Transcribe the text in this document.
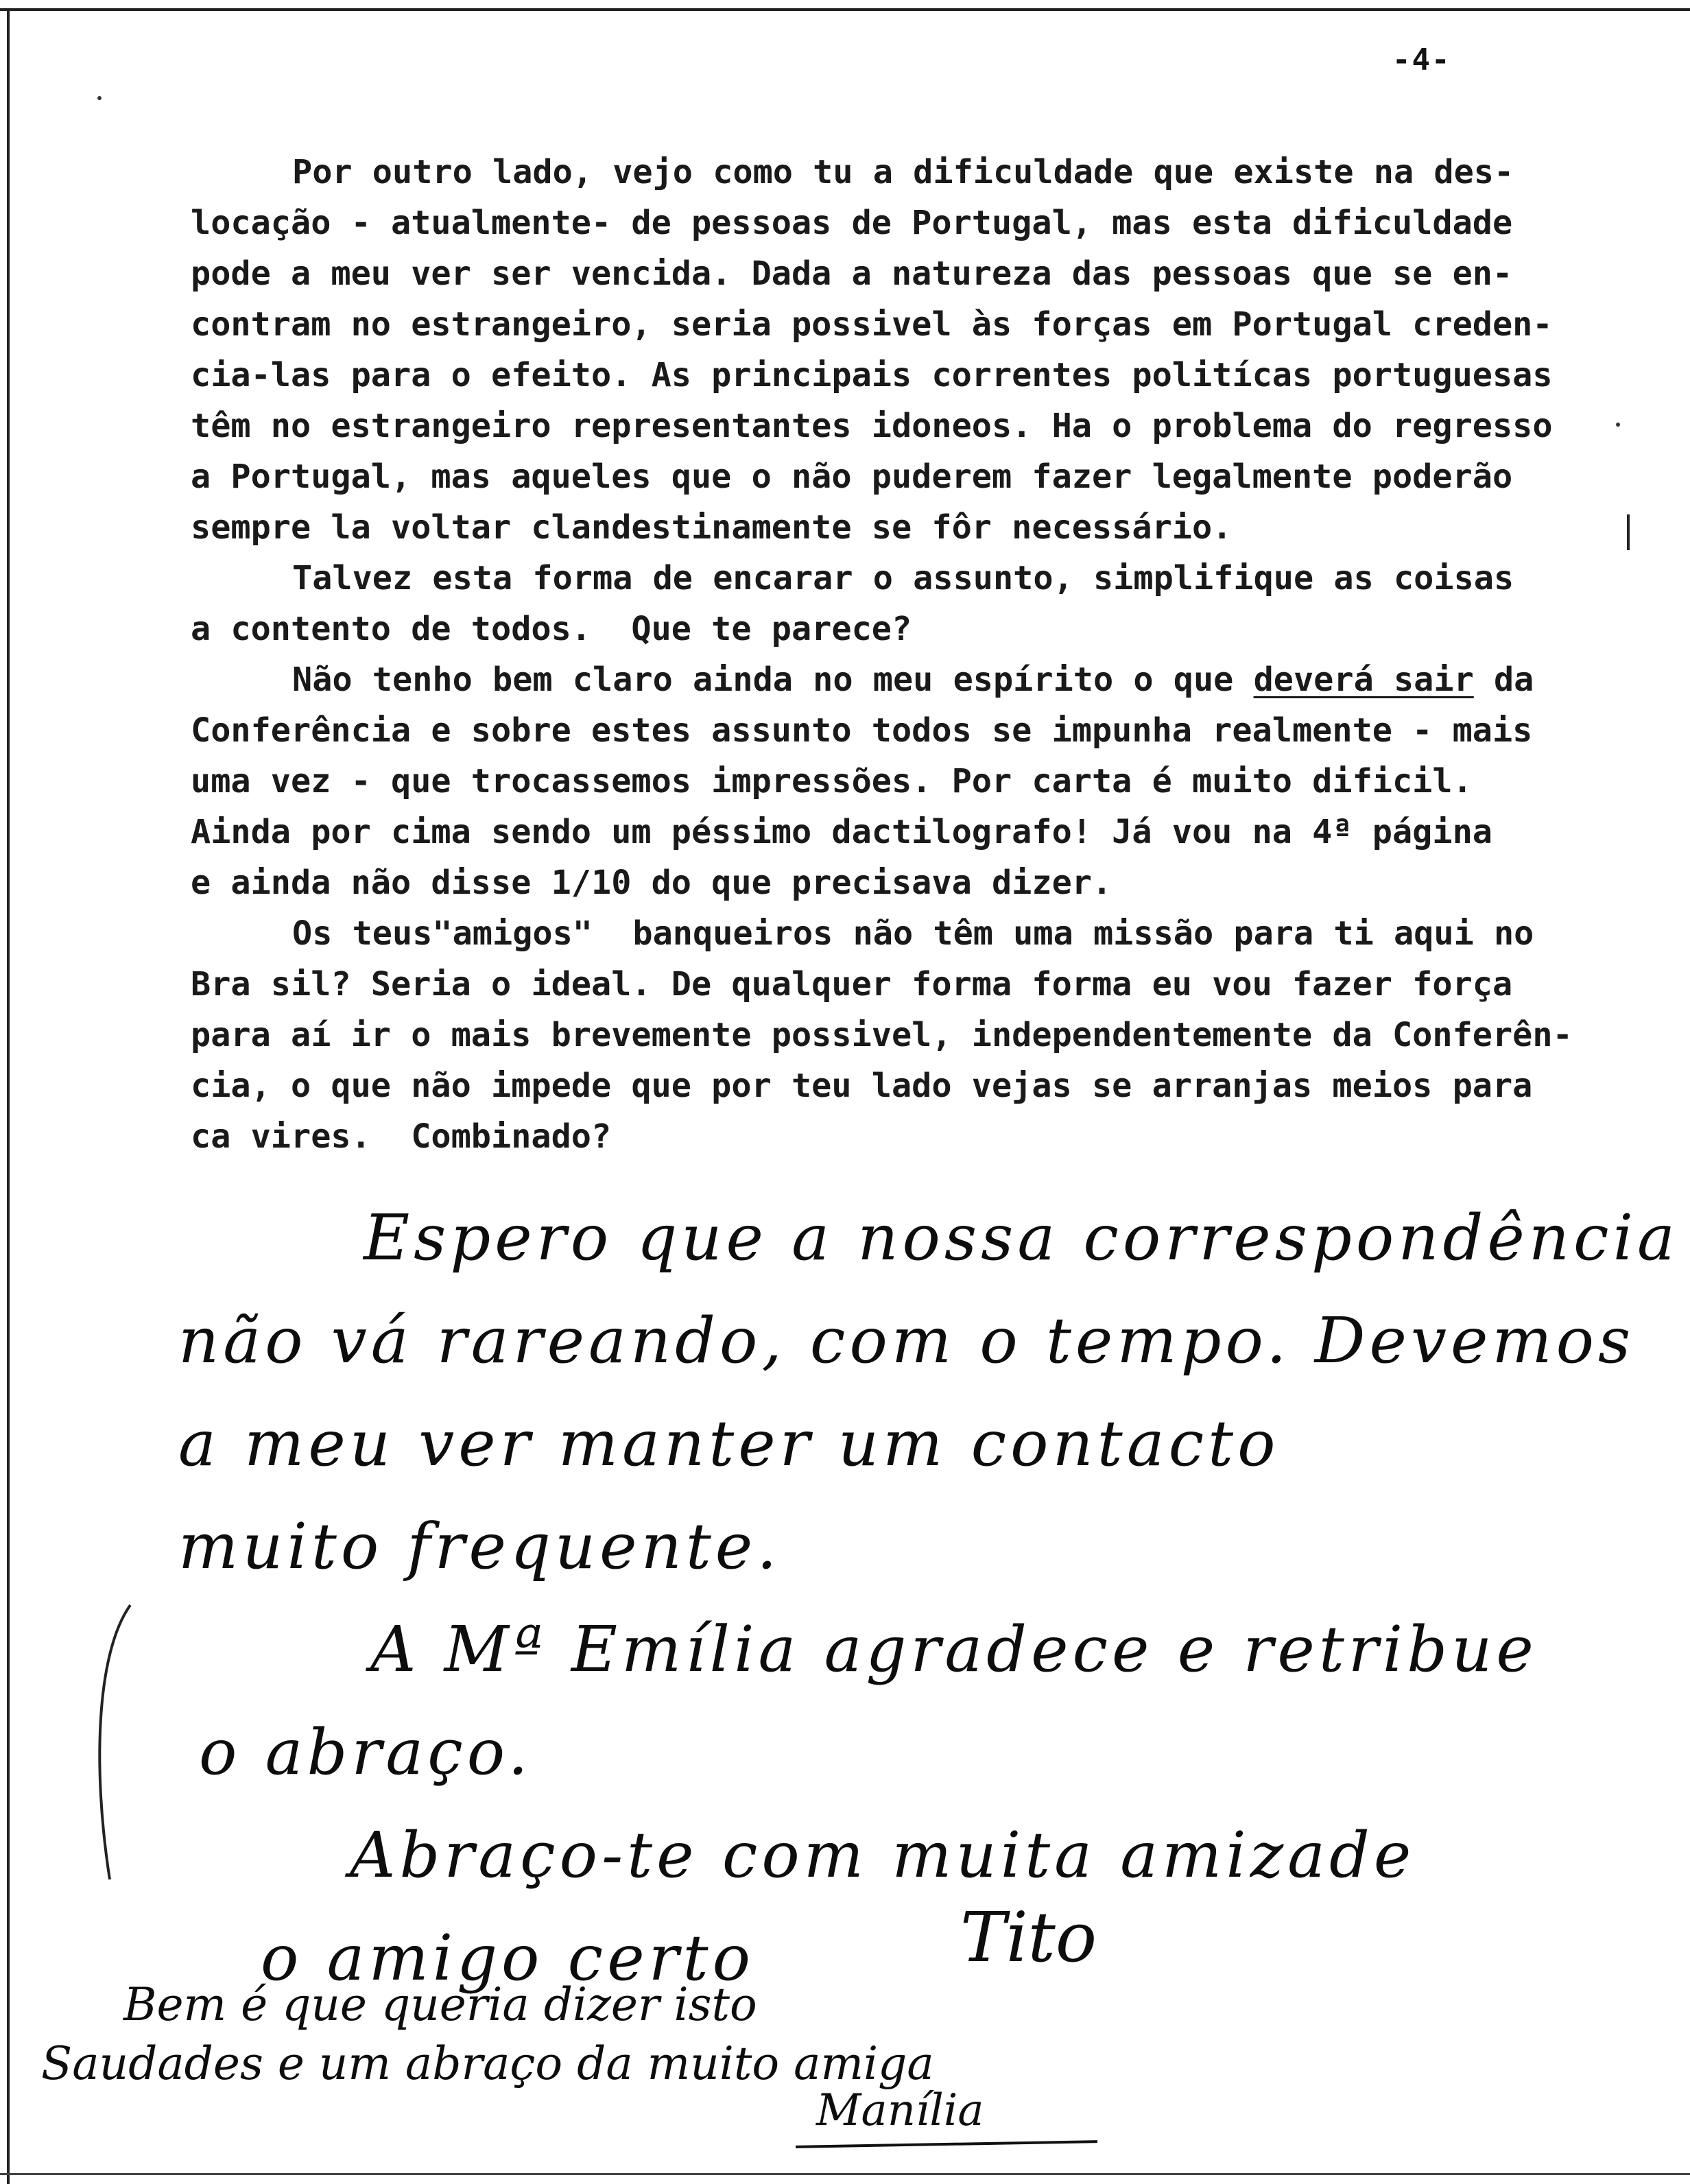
-4-
Por outro lado, vejo como tu a dificuldade que existe na des-
locação - atualmente- de pessoas de Portugal, mas esta dificuldade
pode a meu ver ser vencida. Dada a natureza das pessoas que se en-
contram no estrangeiro, seria possivel às forças em Portugal creden-
cia-las para o efeito. As principais correntes politícas portuguesas
têm no estrangeiro representantes idoneos. Ha o problema do regresso
a Portugal, mas aqueles que o não puderem fazer legalmente poderão
sempre la voltar clandestinamente se fôr necessário.
Talvez esta forma de encarar o assunto, simplifique as coisas
a contento de todos.  Que te parece?
Não tenho bem claro ainda no meu espírito o que deverá sair da
Conferência e sobre estes assunto todos se impunha realmente - mais
uma vez - que trocassemos impressões. Por carta é muito dificil.
Ainda por cima sendo um péssimo dactilografo! Já vou na 4ª página
e ainda não disse 1/10 do que precisava dizer.
Os teus"amigos"  banqueiros não têm uma missão para ti aqui no
Bra sil? Seria o ideal. De qualquer forma forma eu vou fazer força
para aí ir o mais brevemente possivel, independentemente da Conferên-
cia, o que não impede que por teu lado vejas se arranjas meios para
ca vires.  Combinado?
Espero que a nossa correspondência
não vá rareando, com o tempo. Devemos
a meu ver manter um contacto
muito frequente.
A Mª Emília agradece e retribue
o abraço.
Abraço-te com muita amizade
o amigo certo	Tito
Bem é que queria dizer isto
Saudades e um abraço da muito amiga
Manília
